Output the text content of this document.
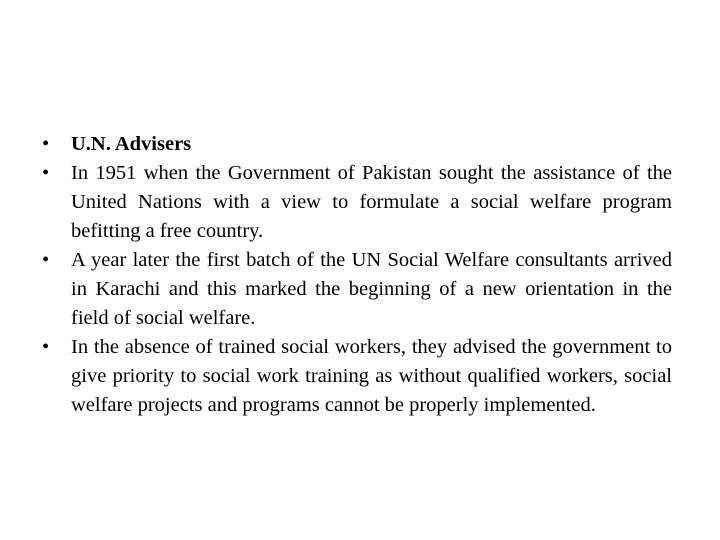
•	U.N. Advisers
•	In 1951 when the Government of Pakistan sought the assistance of the United Nations with a view to formulate a social welfare program befitting a free country.
•	A year later the first batch of the UN Social Welfare consultants arrived in Karachi and this marked the beginning of a new orientation in the field of social welfare.
•	In the absence of trained social workers, they advised the government to give priority to social work training as without qualified workers, social welfare projects and programs cannot be properly implemented.
